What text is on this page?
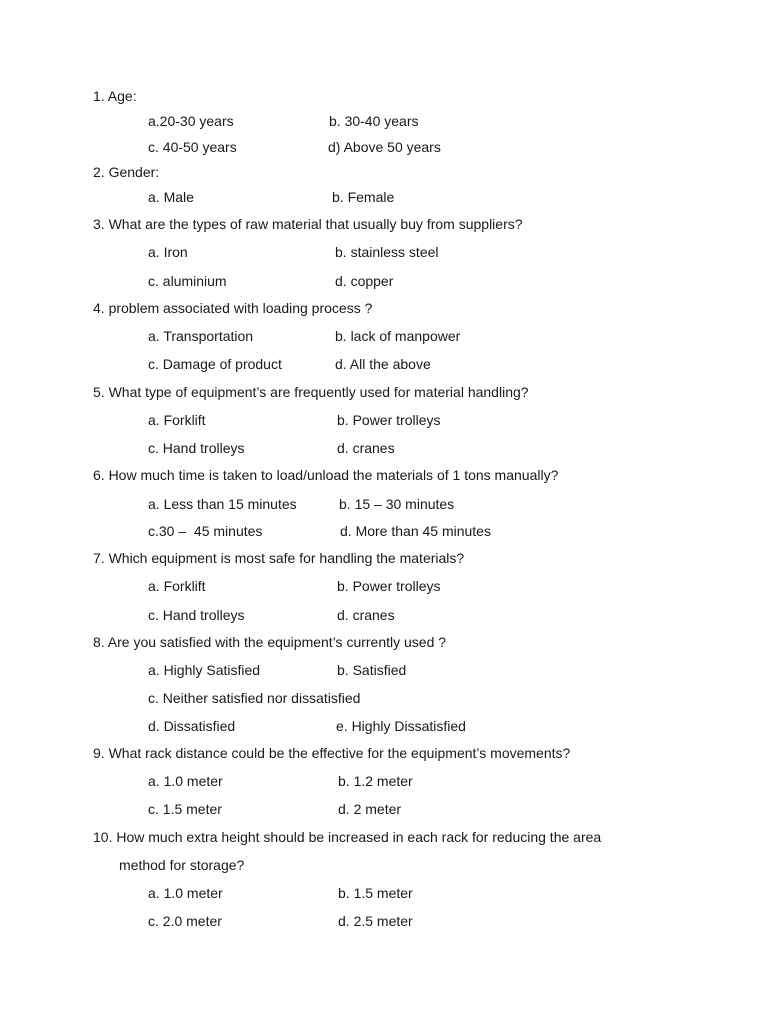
1. Age:
a.20-30 years	b. 30-40 years
c. 40-50 years	d) Above 50 years
2. Gender:
a. Male	b. Female
3. What are the types of raw material that usually buy from suppliers?
a. Iron	b. stainless steel
c. aluminium	d. copper
4. problem associated with loading process ?
a. Transportation	b. lack of manpower
c. Damage of product	d. All the above
5. What type of equipment’s are frequently used for material handling?
a. Forklift	b. Power trolleys
c. Hand trolleys	d. cranes
6. How much time is taken to load/unload the materials of 1 tons manually?
a. Less than 15 minutes	b. 15 – 30 minutes
c.30 –  45 minutes	d. More than 45 minutes
7. Which equipment is most safe for handling the materials?
a. Forklift	b. Power trolleys
c. Hand trolleys	d. cranes
8. Are you satisfied with the equipment’s currently used ?
a. Highly Satisfied	b. Satisfied
c. Neither satisfied nor dissatisfied
d. Dissatisfied	e. Highly Dissatisfied
9. What rack distance could be the effective for the equipment’s movements?
a. 1.0 meter	b. 1.2 meter
c. 1.5 meter	d. 2 meter
10. How much extra height should be increased in each rack for reducing the area
method for storage?
a. 1.0 meter	b. 1.5 meter
c. 2.0 meter	d. 2.5 meter
